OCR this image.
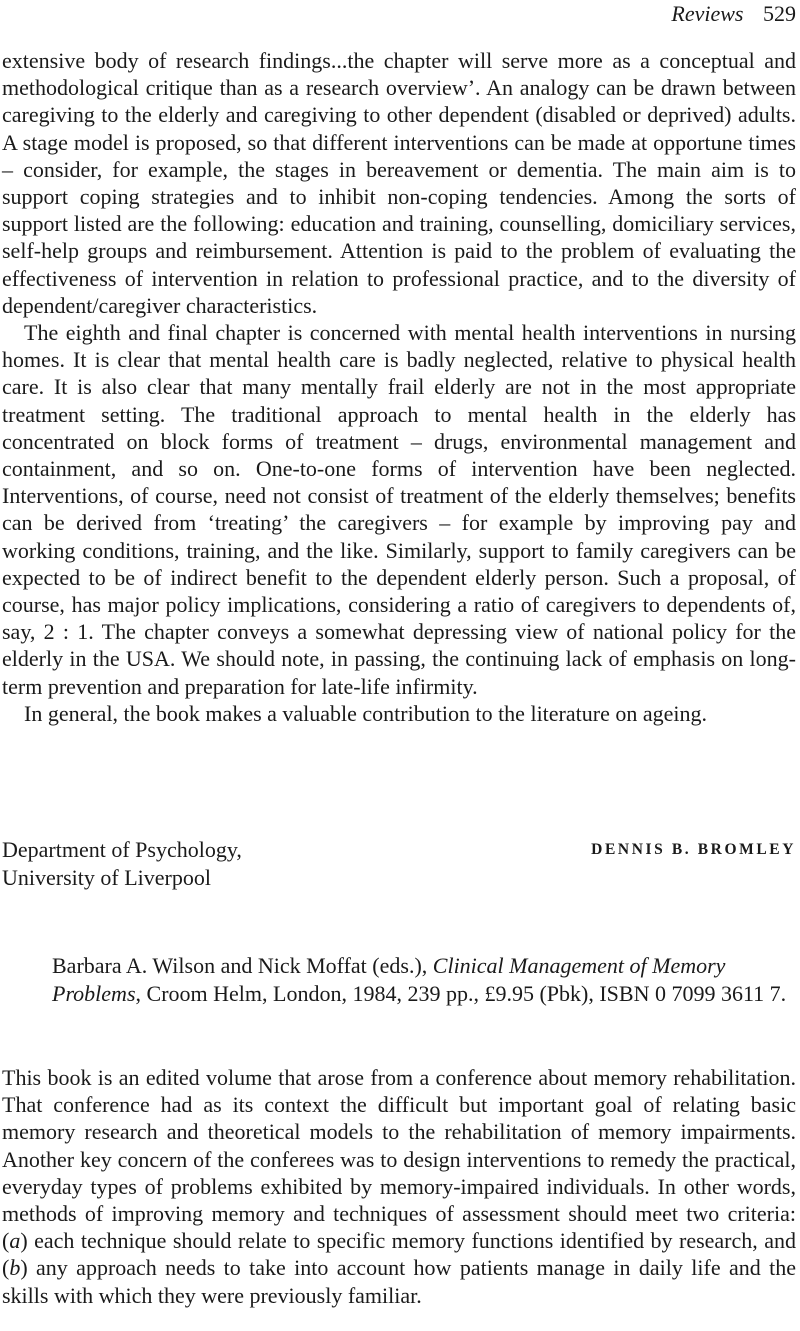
Reviews 529

extensive body of research findings...the chapter will serve more as a conceptual and methodological critique than as a research overview’. An analogy can be drawn between caregiving to the elderly and caregiving to other dependent (disabled or deprived) adults. A stage model is proposed, so that different interventions can be made at opportune times – consider, for example, the stages in bereavement or dementia. The main aim is to support coping strategies and to inhibit non-coping tendencies. Among the sorts of support listed are the following: education and training, counselling, domiciliary services, self-help groups and reimbursement. Attention is paid to the problem of evaluating the effectiveness of intervention in relation to professional practice, and to the diversity of dependent/caregiver characteristics.

The eighth and final chapter is concerned with mental health interventions in nursing homes. It is clear that mental health care is badly neglected, relative to physical health care. It is also clear that many mentally frail elderly are not in the most appropriate treatment setting. The traditional approach to mental health in the elderly has concentrated on block forms of treatment – drugs, environmental management and containment, and so on. One-to-one forms of intervention have been neglected. Interventions, of course, need not consist of treatment of the elderly themselves; benefits can be derived from ‘treating’ the caregivers – for example by improving pay and working conditions, training, and the like. Similarly, support to family caregivers can be expected to be of indirect benefit to the dependent elderly person. Such a proposal, of course, has major policy implications, considering a ratio of caregivers to dependents of, say, 2 : 1. The chapter conveys a somewhat depressing view of national policy for the elderly in the USA. We should note, in passing, the continuing lack of emphasis on long-term prevention and preparation for late-life infirmity.

In general, the book makes a valuable contribution to the literature on ageing.

Department of Psychology,
University of Liverpool
DENNIS B. BROMLEY

Barbara A. Wilson and Nick Moffat (eds.), Clinical Management of Memory Problems, Croom Helm, London, 1984, 239 pp., £9.95 (Pbk), ISBN 0 7099 3611 7.

This book is an edited volume that arose from a conference about memory rehabilitation. That conference had as its context the difficult but important goal of relating basic memory research and theoretical models to the rehabilitation of memory impairments. Another key concern of the conferees was to design interventions to remedy the practical, everyday types of problems exhibited by memory-impaired individuals. In other words, methods of improving memory and techniques of assessment should meet two criteria: (a) each technique should relate to specific memory functions identified by research, and (b) any approach needs to take into account how patients manage in daily life and the skills with which they were previously familiar.
